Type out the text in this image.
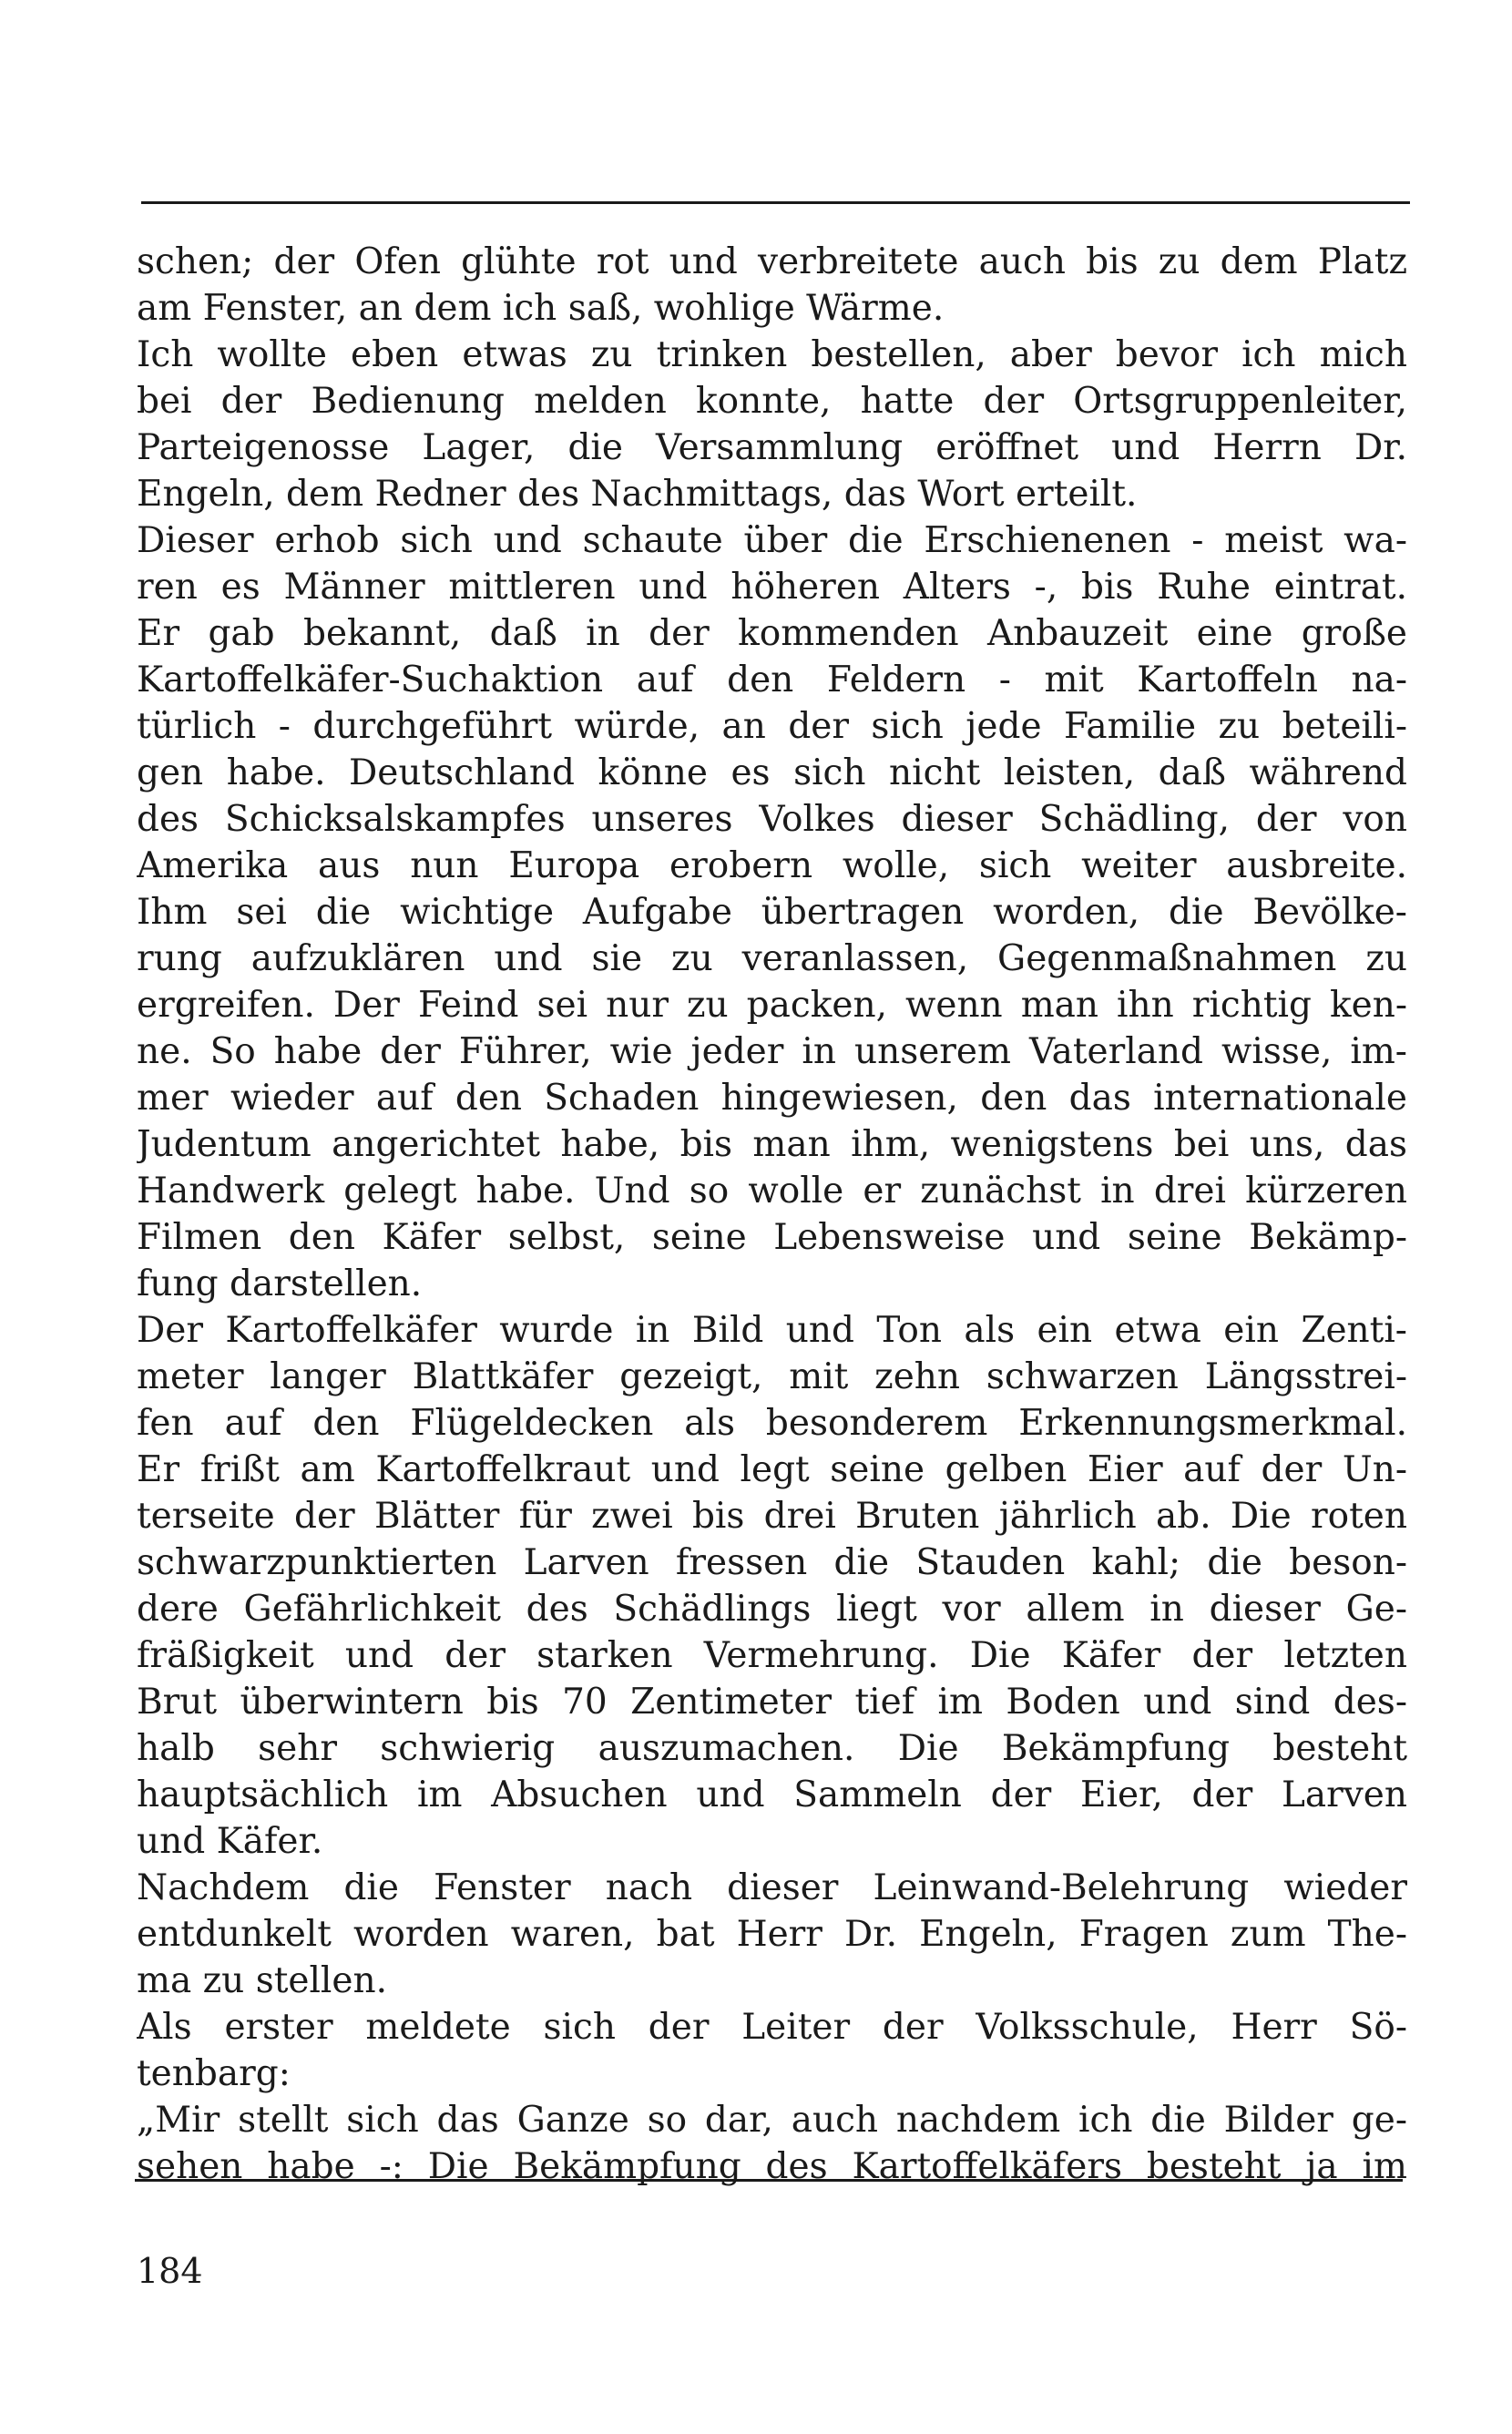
schen; der Ofen glühte rot und verbreitete auch bis zu dem Platz
am Fenster, an dem ich saß, wohlige Wärme.
Ich wollte eben etwas zu trinken bestellen, aber bevor ich mich
bei der Bedienung melden konnte, hatte der Ortsgruppenleiter,
Parteigenosse Lager, die Versammlung eröffnet und Herrn Dr.
Engeln, dem Redner des Nachmittags, das Wort erteilt.
Dieser erhob sich und schaute über die Erschienenen - meist wa-
ren es Männer mittleren und höheren Alters -, bis Ruhe eintrat.
Er gab bekannt, daß in der kommenden Anbauzeit eine große
Kartoffelkäfer-Suchaktion auf den Feldern - mit Kartoffeln na-
türlich - durchgeführt würde, an der sich jede Familie zu beteili-
gen habe. Deutschland könne es sich nicht leisten, daß während
des Schicksalskampfes unseres Volkes dieser Schädling, der von
Amerika aus nun Europa erobern wolle, sich weiter ausbreite.
Ihm sei die wichtige Aufgabe übertragen worden, die Bevölke-
rung aufzuklären und sie zu veranlassen, Gegenmaßnahmen zu
ergreifen. Der Feind sei nur zu packen, wenn man ihn richtig ken-
ne. So habe der Führer, wie jeder in unserem Vaterland wisse, im-
mer wieder auf den Schaden hingewiesen, den das internationale
Judentum angerichtet habe, bis man ihm, wenigstens bei uns, das
Handwerk gelegt habe. Und so wolle er zunächst in drei kürzeren
Filmen den Käfer selbst, seine Lebensweise und seine Bekämp-
fung darstellen.
Der Kartoffelkäfer wurde in Bild und Ton als ein etwa ein Zenti-
meter langer Blattkäfer gezeigt, mit zehn schwarzen Längsstrei-
fen auf den Flügeldecken als besonderem Erkennungsmerkmal.
Er frißt am Kartoffelkraut und legt seine gelben Eier auf der Un-
terseite der Blätter für zwei bis drei Bruten jährlich ab. Die roten
schwarzpunktierten Larven fressen die Stauden kahl; die beson-
dere Gefährlichkeit des Schädlings liegt vor allem in dieser Ge-
fräßigkeit und der starken Vermehrung. Die Käfer der letzten
Brut überwintern bis 70 Zentimeter tief im Boden und sind des-
halb sehr schwierig auszumachen. Die Bekämpfung besteht
hauptsächlich im Absuchen und Sammeln der Eier, der Larven
und Käfer.
Nachdem die Fenster nach dieser Leinwand-Belehrung wieder
entdunkelt worden waren, bat Herr Dr. Engeln, Fragen zum The-
ma zu stellen.
Als erster meldete sich der Leiter der Volksschule, Herr Sö-
tenbarg:
„Mir stellt sich das Ganze so dar, auch nachdem ich die Bilder ge-
sehen habe -: Die Bekämpfung des Kartoffelkäfers besteht ja im
184
